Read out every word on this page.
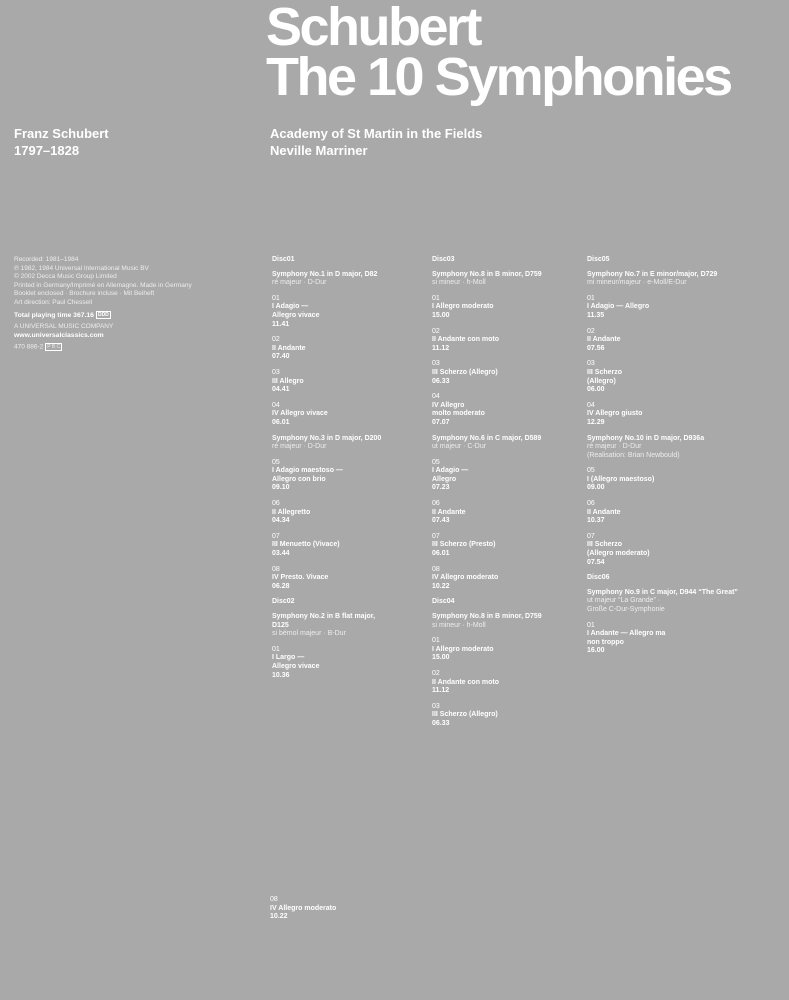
Schubert
The 10 Symphonies
Franz Schubert
1797–1828
Academy of St Martin in the Fields
Neville Marriner
Recorded: 1981–1984
℗ 1982, 1984 Universal International Music BV
© 2002 Decca Music Group Limited
Printed in Germany/Imprimé en Allemagne. Made in Germany
Booklet enclosed · Brochure incluse · Mit Beiheft
Art direction: Paul Chessell
Total playing time 367.16 DDD
A UNIVERSAL MUSIC COMPANY
www.universalclassics.com
470 886-2 P B C
Disc01
Symphony No.1 in D major, D82
ré majeur · D-Dur
01
I Adagio —
Allegro vivace
11.41
02
II Andante
07.40
03
III Allegro
04.41
04
IV Allegro vivace
06.01
Symphony No.3 in D major, D200
ré majeur · D-Dur
05
I Adagio maestoso —
Allegro con brio
09.10
06
II Allegretto
04.34
07
III Menuetto (Vivace)
03.44
08
IV Presto. Vivace
06.28
Disc02
Symphony No.2 in B flat major,
D125
si bémol majeur · B-Dur
01
I Largo —
Allegro vivace
10.36
Disc03
Symphony No.8 in B minor, D759
si mineur · h-Moll
01
I Allegro moderato
15.00
02
II Andante con moto
11.12
03
III Scherzo (Allegro)
06.33
04
IV Allegro
molto moderato
07.07
Symphony No.6 in C major, D589
ut majeur · C-Dur
05
I Adagio —
Allegro
07.23
06
II Andante
07.43
07
III Scherzo (Presto)
06.01
08
IV Allegro moderato
10.22
Disc04
Symphony No.8 in B minor, D759
si mineur · h-Moll
01
I Allegro moderato
15.00
02
II Andante con moto
11.12
03
III Scherzo (Allegro)
06.33
Disc05
Symphony No.7 in E minor/major, D729
mi mineur/majeur · e-Moll/E-Dur
01
I Adagio — Allegro
11.35
02
II Andante
07.56
03
III Scherzo
(Allegro)
06.00
04
IV Allegro giusto
12.29
Symphony No.10 in D major, D936a
ré majeur · D-Dur
(Realisation: Brian Newbould)
05
I (Allegro maestoso)
09.00
06
II Andante
10.37
07
III Scherzo
(Allegro moderato)
07.54
Disc06
Symphony No.9 in C major, D944 “The Great”
ut majeur “La Grande” ·
Große C-Dur-Symphonie
01
I Andante — Allegro ma
non troppo
16.00
08
IV Allegro moderato
10.22
